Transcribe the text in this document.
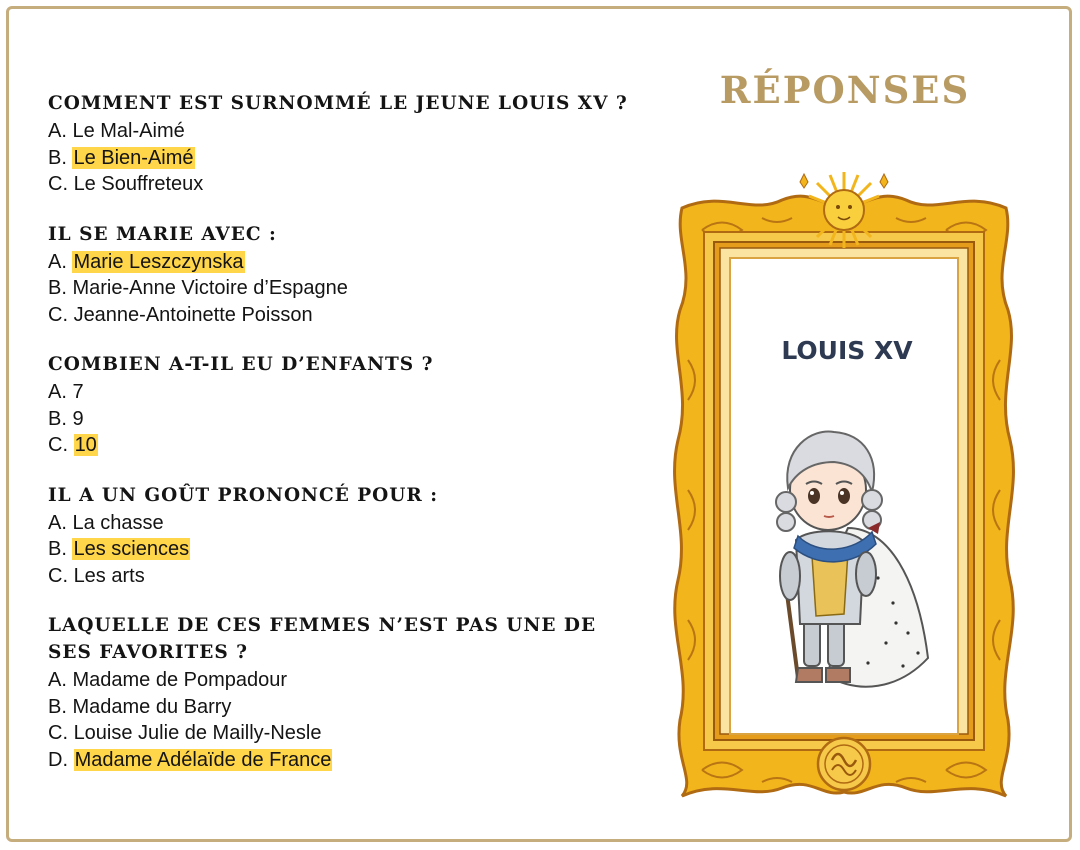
COMMENT EST SURNOMMÉ LE JEUNE LOUIS XV ?
A. Le Mal-Aimé
B. Le Bien-Aimé
C. Le Souffreteux
IL SE MARIE AVEC :
A. Marie Leszczynska
B. Marie-Anne Victoire d’Espagne
C. Jeanne-Antoinette Poisson
COMBIEN A-T-IL EU D’ENFANTS ?
A. 7
B. 9
C. 10
IL A UN GOÛT PRONONCÉ POUR :
A. La chasse
B. Les sciences
C. Les arts
LAQUELLE DE CES FEMMES N’EST PAS UNE DE SES FAVORITES ?
A. Madame de Pompadour
B. Madame du Barry
C. Louise Julie de Mailly-Nesle
D. Madame Adélaïde de France
RÉPONSES
LOUIS XV
